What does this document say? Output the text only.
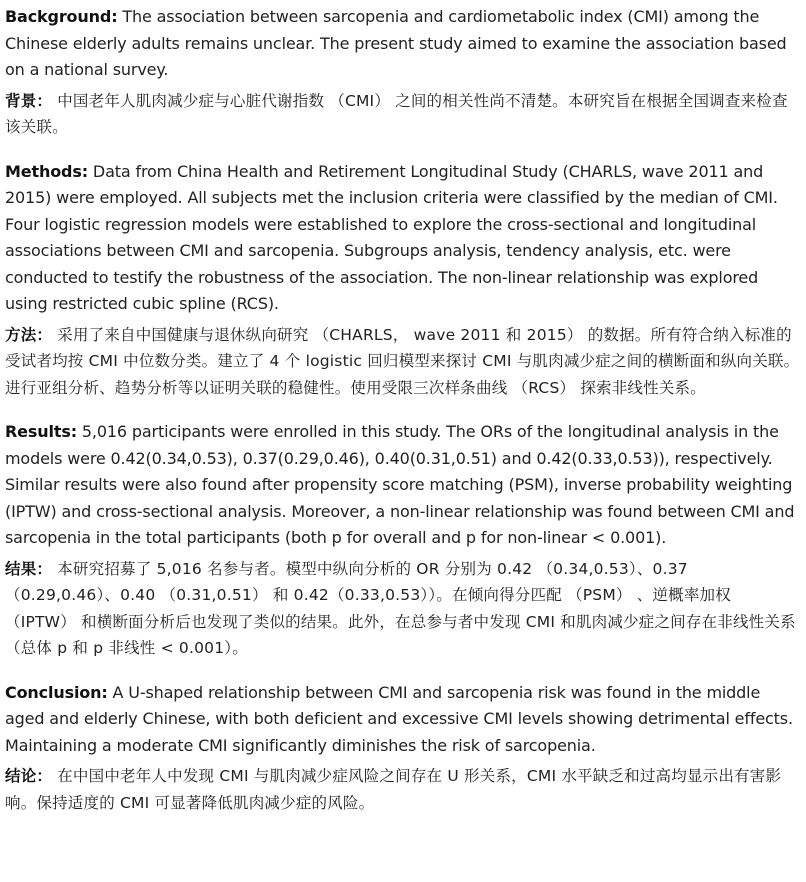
Background: The association between sarcopenia and cardiometabolic index (CMI) among the Chinese elderly adults remains unclear. The present study aimed to examine the association based on a national survey.

背景： 中国老年人肌肉减少症与心脏代谢指数 （CMI） 之间的相关性尚不清楚。本研究旨在根据全国调查来检查该关联。

Methods: Data from China Health and Retirement Longitudinal Study (CHARLS, wave 2011 and 2015) were employed. All subjects met the inclusion criteria were classified by the median of CMI. Four logistic regression models were established to explore the cross-sectional and longitudinal associations between CMI and sarcopenia. Subgroups analysis, tendency analysis, etc. were conducted to testify the robustness of the association. The non-linear relationship was explored using restricted cubic spline (RCS).

方法： 采用了来自中国健康与退休纵向研究 （CHARLS， wave 2011 和 2015） 的数据。所有符合纳入标准的受试者均按 CMI 中位数分类。建立了 4 个 logistic 回归模型来探讨 CMI 与肌肉减少症之间的横断面和纵向关联。进行亚组分析、趋势分析等以证明关联的稳健性。使用受限三次样条曲线 （RCS） 探索非线性关系。

Results: 5,016 participants were enrolled in this study. The ORs of the longitudinal analysis in the models were 0.42(0.34,0.53), 0.37(0.29,0.46), 0.40(0.31,0.51) and 0.42(0.33,0.53)), respectively. Similar results were also found after propensity score matching (PSM), inverse probability weighting (IPTW) and cross-sectional analysis. Moreover, a non-linear relationship was found between CMI and sarcopenia in the total participants (both p for overall and p for non-linear < 0.001).

结果： 本研究招募了 5,016 名参与者。模型中纵向分析的 OR 分别为 0.42 （0.34,0.53）、0.37 （0.29,0.46）、0.40 （0.31,0.51） 和 0.42（0.33,0.53））。在倾向得分匹配 （PSM） 、逆概率加权 （IPTW） 和横断面分析后也发现了类似的结果。此外，在总参与者中发现 CMI 和肌肉减少症之间存在非线性关系 （总体 p 和 p 非线性 < 0.001）。

Conclusion: A U-shaped relationship between CMI and sarcopenia risk was found in the middle aged and elderly Chinese, with both deficient and excessive CMI levels showing detrimental effects. Maintaining a moderate CMI significantly diminishes the risk of sarcopenia.

结论： 在中国中老年人中发现 CMI 与肌肉减少症风险之间存在 U 形关系，CMI 水平缺乏和过高均显示出有害影响。保持适度的 CMI 可显著降低肌肉减少症的风险。
